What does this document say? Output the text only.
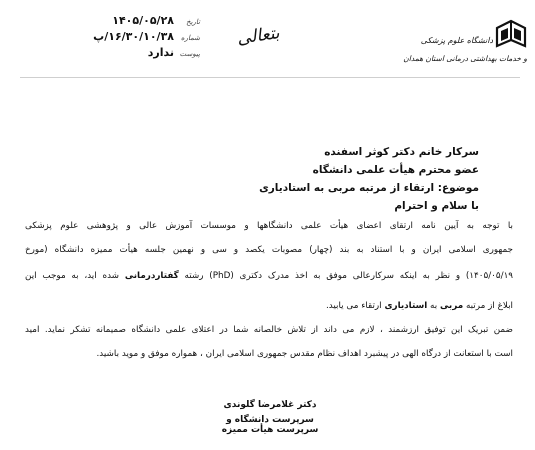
تاریخ
۱۴۰۵/۰۵/۲۸
شماره
۱۶/۳۰/۱۰/۳۸/پ
پیوست
ندارد
بتعالی	دانشگاه علوم پزشکی
و خدمات بهداشتی درمانی استان همدان
سرکار خانم دکتر کوثر اسفنده
عضو محترم هیأت علمی دانشگاه
موضوع: ارتقاء از مرتبه مربی به استادیاری
با سلام و احترام
با توجه به آیین نامه ارتقای اعضای هیأت علمی دانشگاهها و موسسات آموزش عالی و پژوهشی علوم پزشکی
جمهوری اسلامی ایران و با استناد به بند (چهار) مصوبات یکصد و سی و نهمین جلسه هیأت ممیزه دانشگاه (مورخ
۱۴۰۵/۰۵/۱۹) و نظر به اینکه سرکارعالی موفق به اخذ مدرک دکتری (PhD) رشته گفتاردرمانی شده اید، به موجب این
ابلاغ از مرتبه مربی به استادیاری ارتقاء می یابید.
ضمن تبریک این توفیق ارزشمند ، لازم می داند از تلاش خالصانه شما در اعتلای علمی دانشگاه صمیمانه تشکر نماید. امید
است با استعانت از درگاه الهی در پیشبرد اهداف نظام مقدس جمهوری اسلامی ایران ، همواره موفق و موید باشید.
دکتر غلامرضا گلوندی
سرپرست دانشگاه و سرپرست هیأت ممیزه
